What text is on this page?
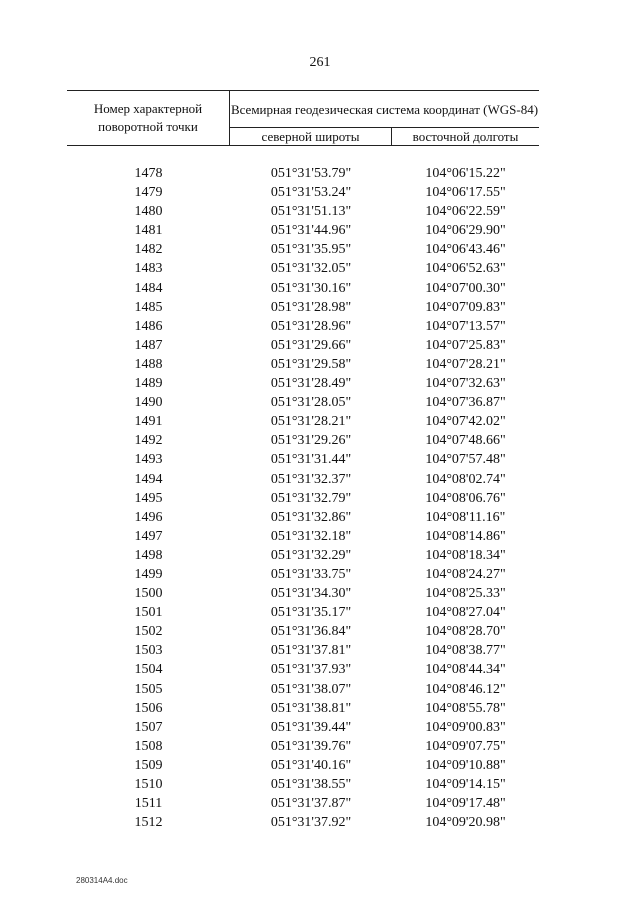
261
Номер характерной поворотной точки
Всемирная геодезическая система координат (WGS-84)
северной широты	восточной долготы
1478	051°31'53.79"	104°06'15.22"
1479	051°31'53.24"	104°06'17.55"
1480	051°31'51.13"	104°06'22.59"
1481	051°31'44.96"	104°06'29.90"
1482	051°31'35.95"	104°06'43.46"
1483	051°31'32.05"	104°06'52.63"
1484	051°31'30.16"	104°07'00.30"
1485	051°31'28.98"	104°07'09.83"
1486	051°31'28.96"	104°07'13.57"
1487	051°31'29.66"	104°07'25.83"
1488	051°31'29.58"	104°07'28.21"
1489	051°31'28.49"	104°07'32.63"
1490	051°31'28.05"	104°07'36.87"
1491	051°31'28.21"	104°07'42.02"
1492	051°31'29.26"	104°07'48.66"
1493	051°31'31.44"	104°07'57.48"
1494	051°31'32.37"	104°08'02.74"
1495	051°31'32.79"	104°08'06.76"
1496	051°31'32.86"	104°08'11.16"
1497	051°31'32.18"	104°08'14.86"
1498	051°31'32.29"	104°08'18.34"
1499	051°31'33.75"	104°08'24.27"
1500	051°31'34.30"	104°08'25.33"
1501	051°31'35.17"	104°08'27.04"
1502	051°31'36.84"	104°08'28.70"
1503	051°31'37.81"	104°08'38.77"
1504	051°31'37.93"	104°08'44.34"
1505	051°31'38.07"	104°08'46.12"
1506	051°31'38.81"	104°08'55.78"
1507	051°31'39.44"	104°09'00.83"
1508	051°31'39.76"	104°09'07.75"
1509	051°31'40.16"	104°09'10.88"
1510	051°31'38.55"	104°09'14.15"
1511	051°31'37.87"	104°09'17.48"
1512	051°31'37.92"	104°09'20.98"
280314A4.doc
